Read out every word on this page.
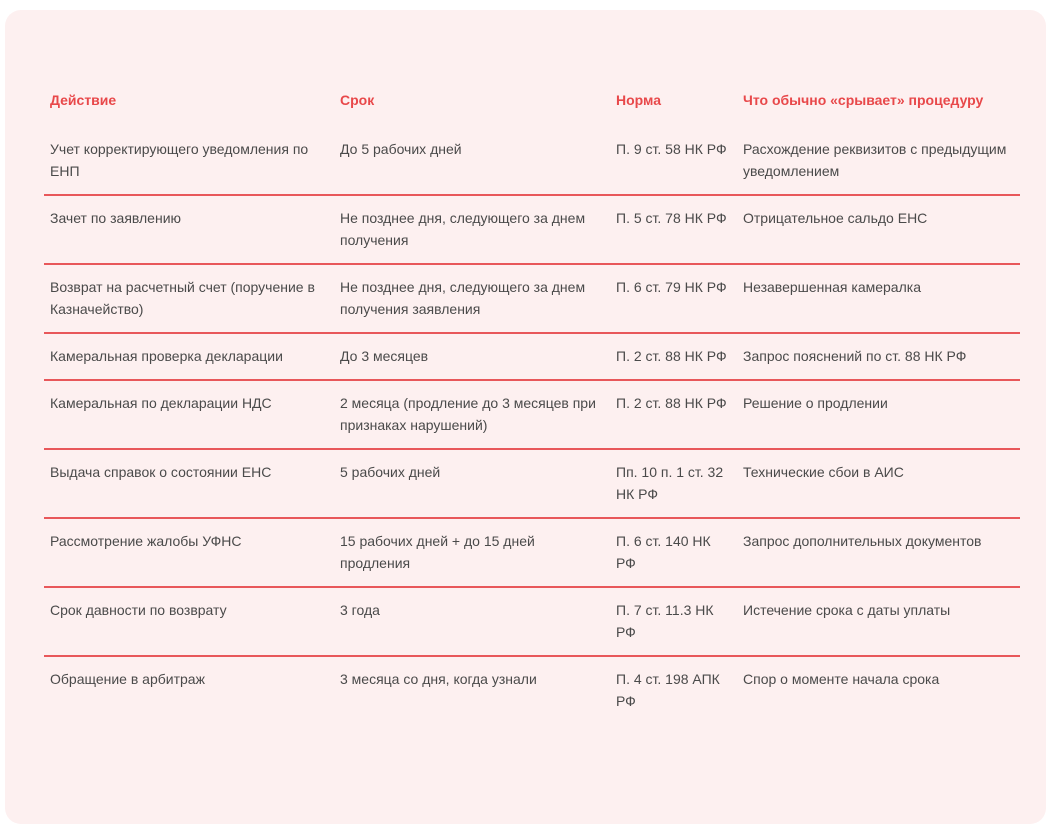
Действие	Срок	Норма	Что обычно «срывает» процедуру
Учет корректирующего уведомления по ЕНП	До 5 рабочих дней	П. 9 ст. 58 НК РФ	Расхождение реквизитов с предыдущим уведомлением
Зачет по заявлению	Не позднее дня, следующего за днем получения	П. 5 ст. 78 НК РФ	Отрицательное сальдо ЕНС
Возврат на расчетный счет (поручение в Казначейство)	Не позднее дня, следующего за днем получения заявления	П. 6 ст. 79 НК РФ	Незавершенная камералка
Камеральная проверка декларации	До 3 месяцев	П. 2 ст. 88 НК РФ	Запрос пояснений по ст. 88 НК РФ
Камеральная по декларации НДС	2 месяца (продление до 3 месяцев при признаках нарушений)	П. 2 ст. 88 НК РФ	Решение о продлении
Выдача справок о состоянии ЕНС	5 рабочих дней	Пп. 10 п. 1 ст. 32 НК РФ	Технические сбои в АИС
Рассмотрение жалобы УФНС	15 рабочих дней + до 15 дней продления	П. 6 ст. 140 НК РФ	Запрос дополнительных документов
Срок давности по возврату	3 года	П. 7 ст. 11.3 НК РФ	Истечение срока с даты уплаты
Обращение в арбитраж	3 месяца со дня, когда узнали	П. 4 ст. 198 АПК РФ	Спор о моменте начала срока
